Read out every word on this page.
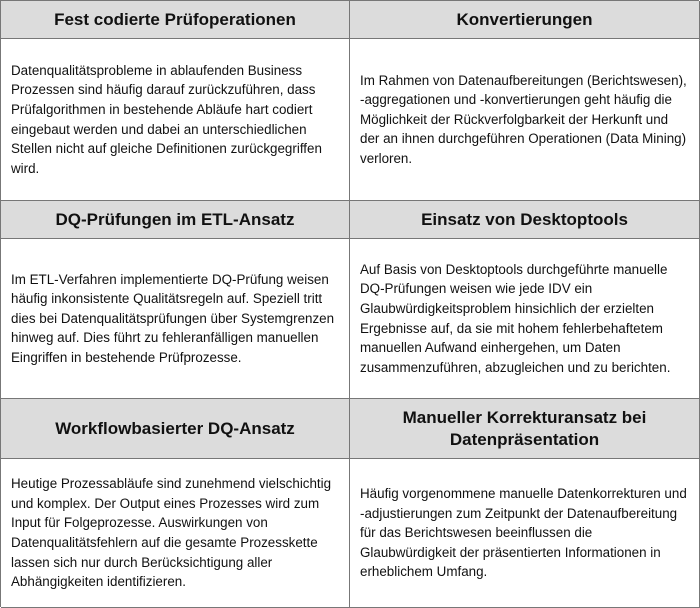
Fest codierte Prüfoperationen	Konvertierungen

Datenqualitätsprobleme in ablaufenden Business Prozessen sind häufig darauf zurückzuführen, dass Prüfalgorithmen in bestehende Abläufe hart codiert eingebaut werden und dabei an unterschiedlichen Stellen nicht auf gleiche Definitionen zurückgegriffen wird.

Im Rahmen von Datenaufbereitungen (Berichtswesen), -aggregationen und -konvertierungen geht häufig die Möglichkeit der Rückverfolgbarkeit der Herkunft und der an ihnen durchgeführen Operationen (Data Mining) verloren.

DQ-Prüfungen im ETL-Ansatz	Einsatz von Desktoptools

Im ETL-Verfahren implementierte DQ-Prüfung weisen häufig inkonsistente Qualitätsregeln auf. Speziell tritt dies bei Datenqualitätsprüfungen über Systemgrenzen hinweg auf. Dies führt zu fehleranfälligen manuellen Eingriffen in bestehende Prüfprozesse.

Auf Basis von Desktoptools durchgeführte manuelle DQ-Prüfungen weisen wie jede IDV ein Glaubwürdigkeitsproblem hinsichlich der erzielten Ergebnisse auf, da sie mit hohem fehlerbehaftetem manuellen Aufwand einhergehen, um Daten zusammenzuführen, abzugleichen und zu berichten.

Workflowbasierter DQ-Ansatz
Manueller Korrekturansatz bei Datenpräsentation

Heutige Prozessabläufe sind zunehmend vielschichtig und komplex. Der Output eines Prozesses wird zum Input für Folgeprozesse. Auswirkungen von Datenqualitätsfehlern auf die gesamte Prozesskette lassen sich nur durch Berücksichtigung aller Abhängigkeiten identifizieren.

Häufig vorgenommene manuelle Datenkorrekturen und -adjustierungen zum Zeitpunkt der Datenaufbereitung für das Berichtswesen beeinflussen die Glaubwürdigkeit der präsentierten Informationen in erheblichem Umfang.
